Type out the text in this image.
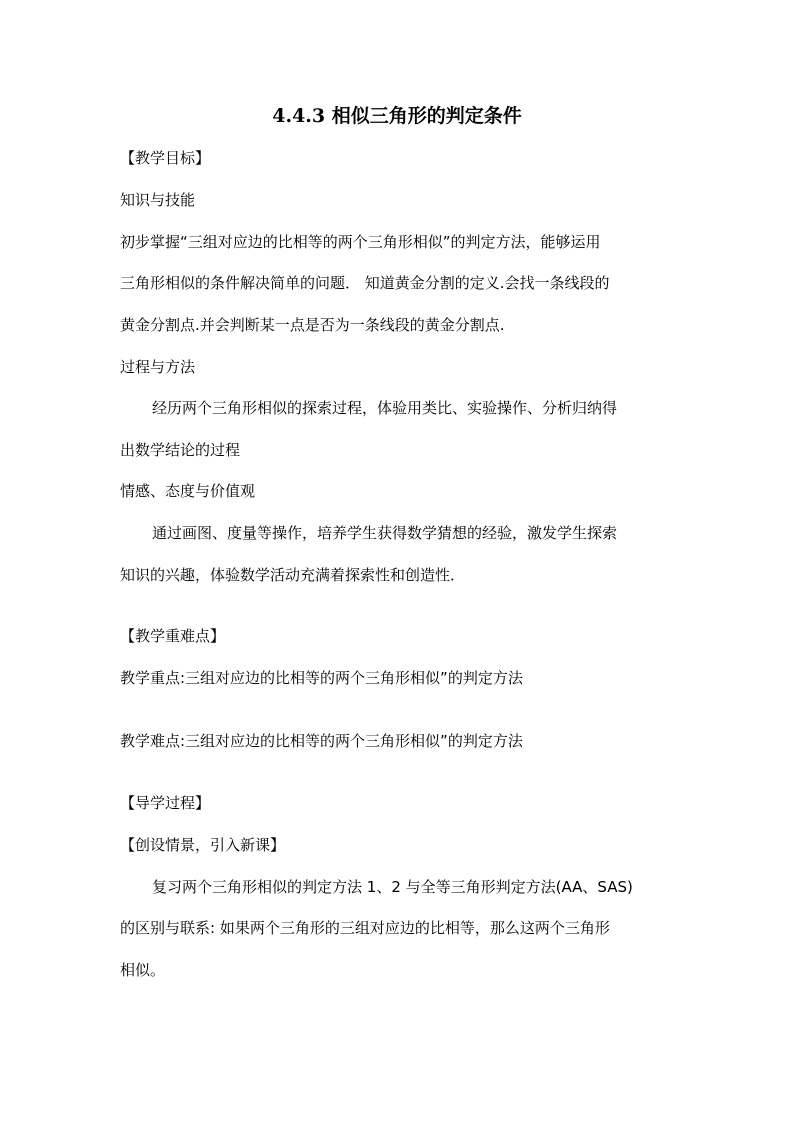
4.4.3 相似三角形的判定条件
【教学目标】
知识与技能
初步掌握“三组对应边的比相等的两个三角形相似”的判定方法，能够运用
三角形相似的条件解决简单的问题． 知道黄金分割的定义.会找一条线段的
黄金分割点.并会判断某一点是否为一条线段的黄金分割点.
过程与方法
经历两个三角形相似的探索过程，体验用类比、实验操作、分析归纳得
出数学结论的过程
情感、态度与价值观
通过画图、度量等操作，培养学生获得数学猜想的经验，激发学生探索
知识的兴趣，体验数学活动充满着探索性和创造性．
【教学重难点】
教学重点:三组对应边的比相等的两个三角形相似”的判定方法
教学难点:三组对应边的比相等的两个三角形相似”的判定方法
【导学过程】
【创设情景，引入新课】
复习两个三角形相似的判定方法 1、2 与全等三角形判定方法(AA、SAS)
的区别与联系: 如果两个三角形的三组对应边的比相等，那么这两个三角形
相似。
